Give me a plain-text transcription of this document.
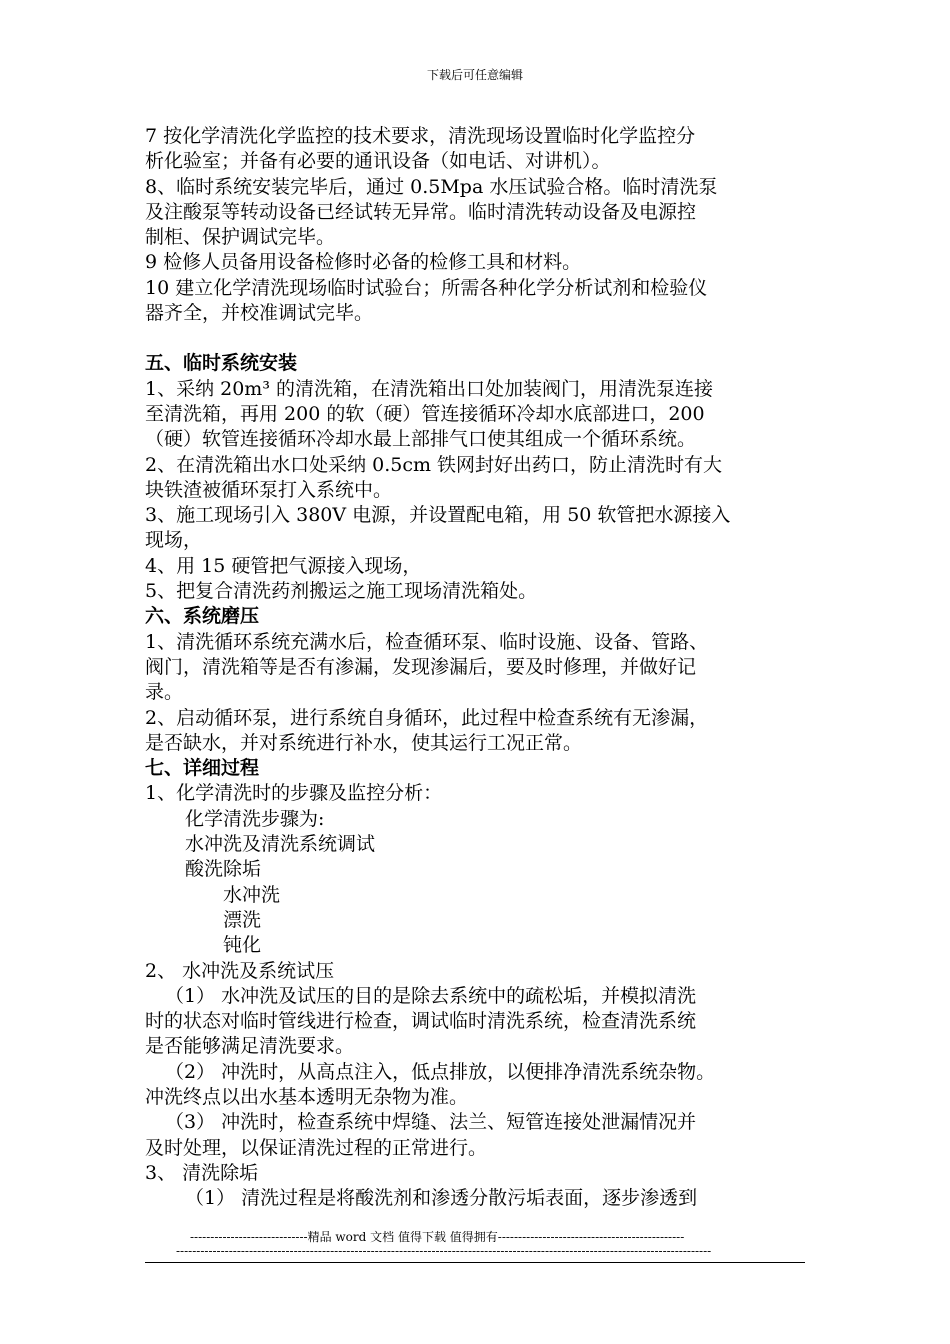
下载后可任意编辑
7 按化学清洗化学监控的技术要求，清洗现场设置临时化学监控分
析化验室；并备有必要的通讯设备（如电话、对讲机）。
8、临时系统安装完毕后，通过 0.5Mpa 水压试验合格。临时清洗泵
及注酸泵等转动设备已经试转无异常。临时清洗转动设备及电源控
制柜、保护调试完毕。
9 检修人员备用设备检修时必备的检修工具和材料。
10 建立化学清洗现场临时试验台；所需各种化学分析试剂和检验仪
器齐全，并校准调试完毕。
五、临时系统安装
1、采纳 20m³ 的清洗箱，在清洗箱出口处加装阀门，用清洗泵连接
至清洗箱，再用 200 的软（硬）管连接循环冷却水底部进口，200
（硬）软管连接循环冷却水最上部排气口使其组成一个循环系统。
2、在清洗箱出水口处采纳 0.5cm 铁网封好出药口，防止清洗时有大
块铁渣被循环泵打入系统中。
3、施工现场引入 380V 电源，并设置配电箱，用 50 软管把水源接入
现场，
4、用 15 硬管把气源接入现场，
5、把复合清洗药剂搬运之施工现场清洗箱处。
六、系统磨压
1、清洗循环系统充满水后，检查循环泵、临时设施、设备、管路、
阀门，清洗箱等是否有渗漏，发现渗漏后，要及时修理，并做好记
录。
2、启动循环泵，进行系统自身循环，此过程中检查系统有无渗漏，
是否缺水，并对系统进行补水，使其运行工况正常。
七、详细过程
1、化学清洗时的步骤及监控分析：
化学清洗步骤为:
水冲洗及清洗系统调试
酸洗除垢
水冲洗
漂洗
钝化
2、 水冲洗及系统试压
（1） 水冲洗及试压的目的是除去系统中的疏松垢，并模拟清洗
时的状态对临时管线进行检查，调试临时清洗系统，检查清洗系统
是否能够满足清洗要求。
（2） 冲洗时，从高点注入，低点排放，以便排净清洗系统杂物。
冲洗终点以出水基本透明无杂物为准。
（3） 冲洗时，检查系统中焊缝、法兰、短管连接处泄漏情况并
及时处理，以保证清洗过程的正常进行。
3、 清洗除垢
（1） 清洗过程是将酸洗剂和渗透分散污垢表面，逐步渗透到
-----------------------------精品 word 文档 值得下载 值得拥有----------------------------------------------
------------------------------------------------------------------------------------------------------------------------------------
